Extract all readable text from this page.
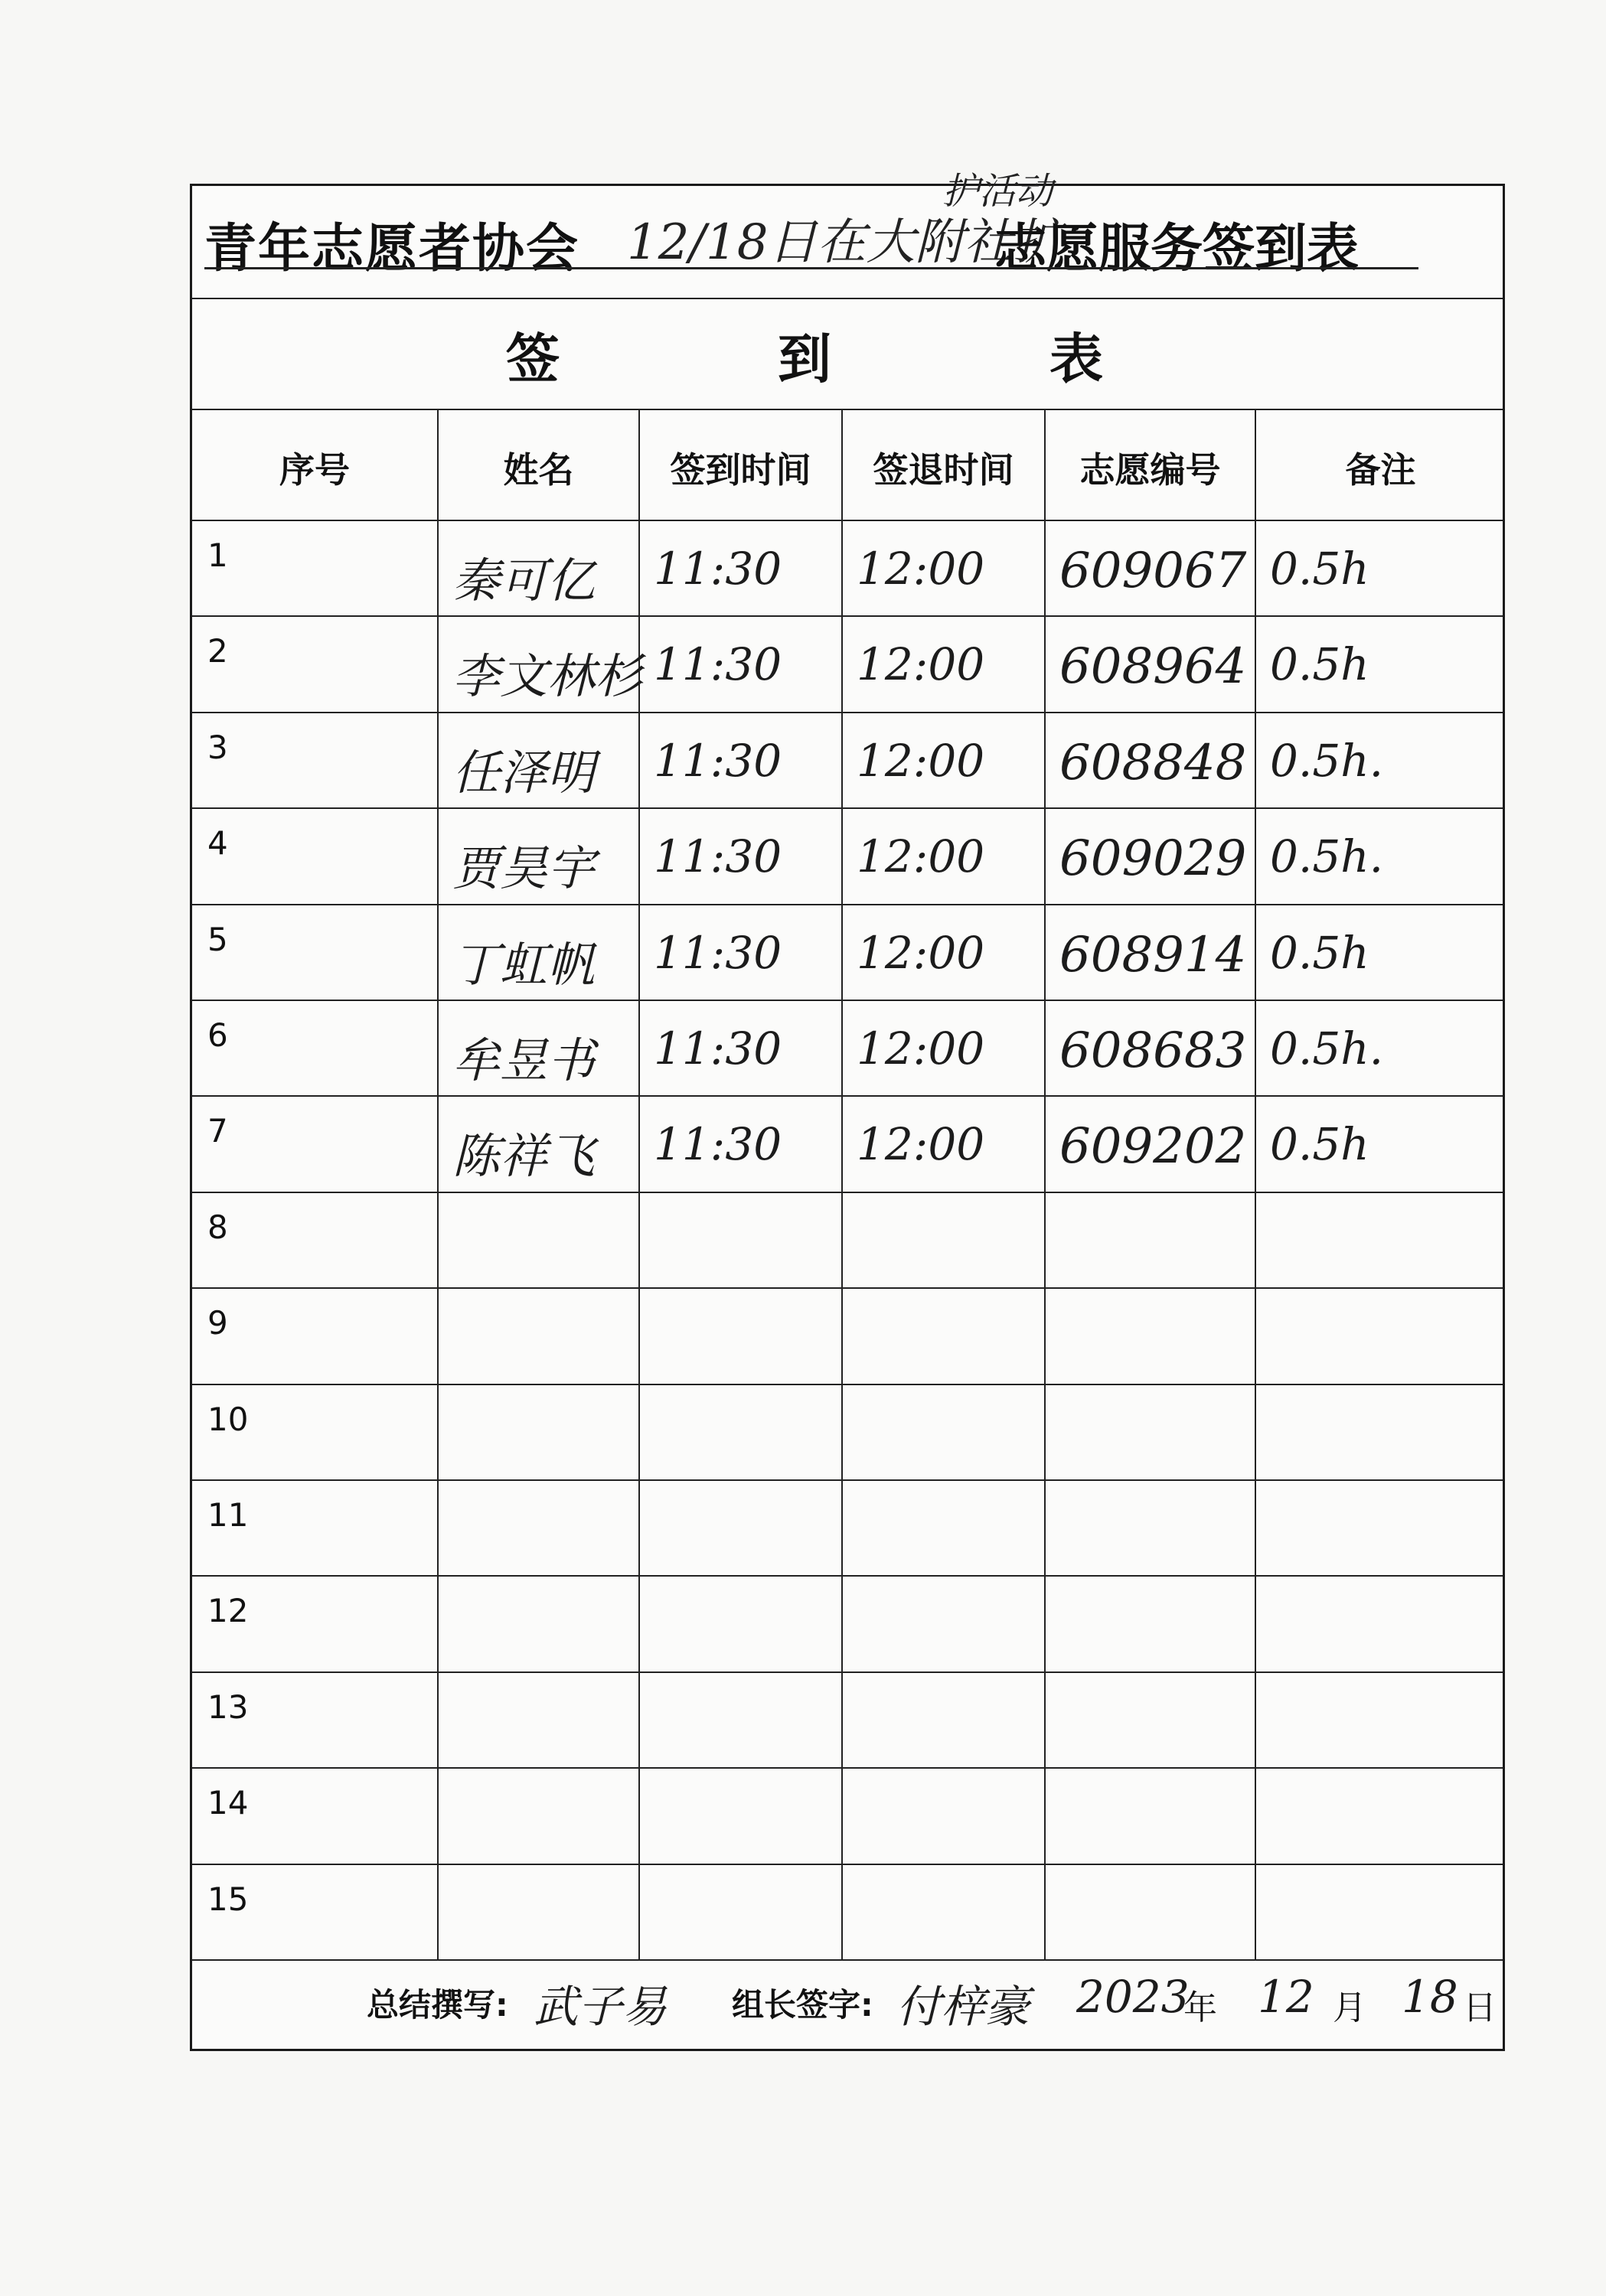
青年志愿者协会 12/18日在大附社扩
护活动
志愿服务签到表
签	到	表
序号	姓名	签到时间	签退时间	志愿编号	备注
1	秦可亿 11:30 12:00 609067 0.5h
2	李文林杉 11:30 12:00 608964 0.5h
3	任泽明 11:30 12:00 608848 0.5h.
4	贾昊宇 11:30 12:00 609029 0.5h.
5	丁虹帆 11:30 12:00 608914 0.5h
6	牟昱书 11:30 12:00 608683 0.5h.
7	陈祥飞 11:30 12:00 609202 0.5h
8
9
10
11
12
13
14
15
总结撰写: 武子易 组长签字: 付梓豪 2023
年 12 月 18 日
